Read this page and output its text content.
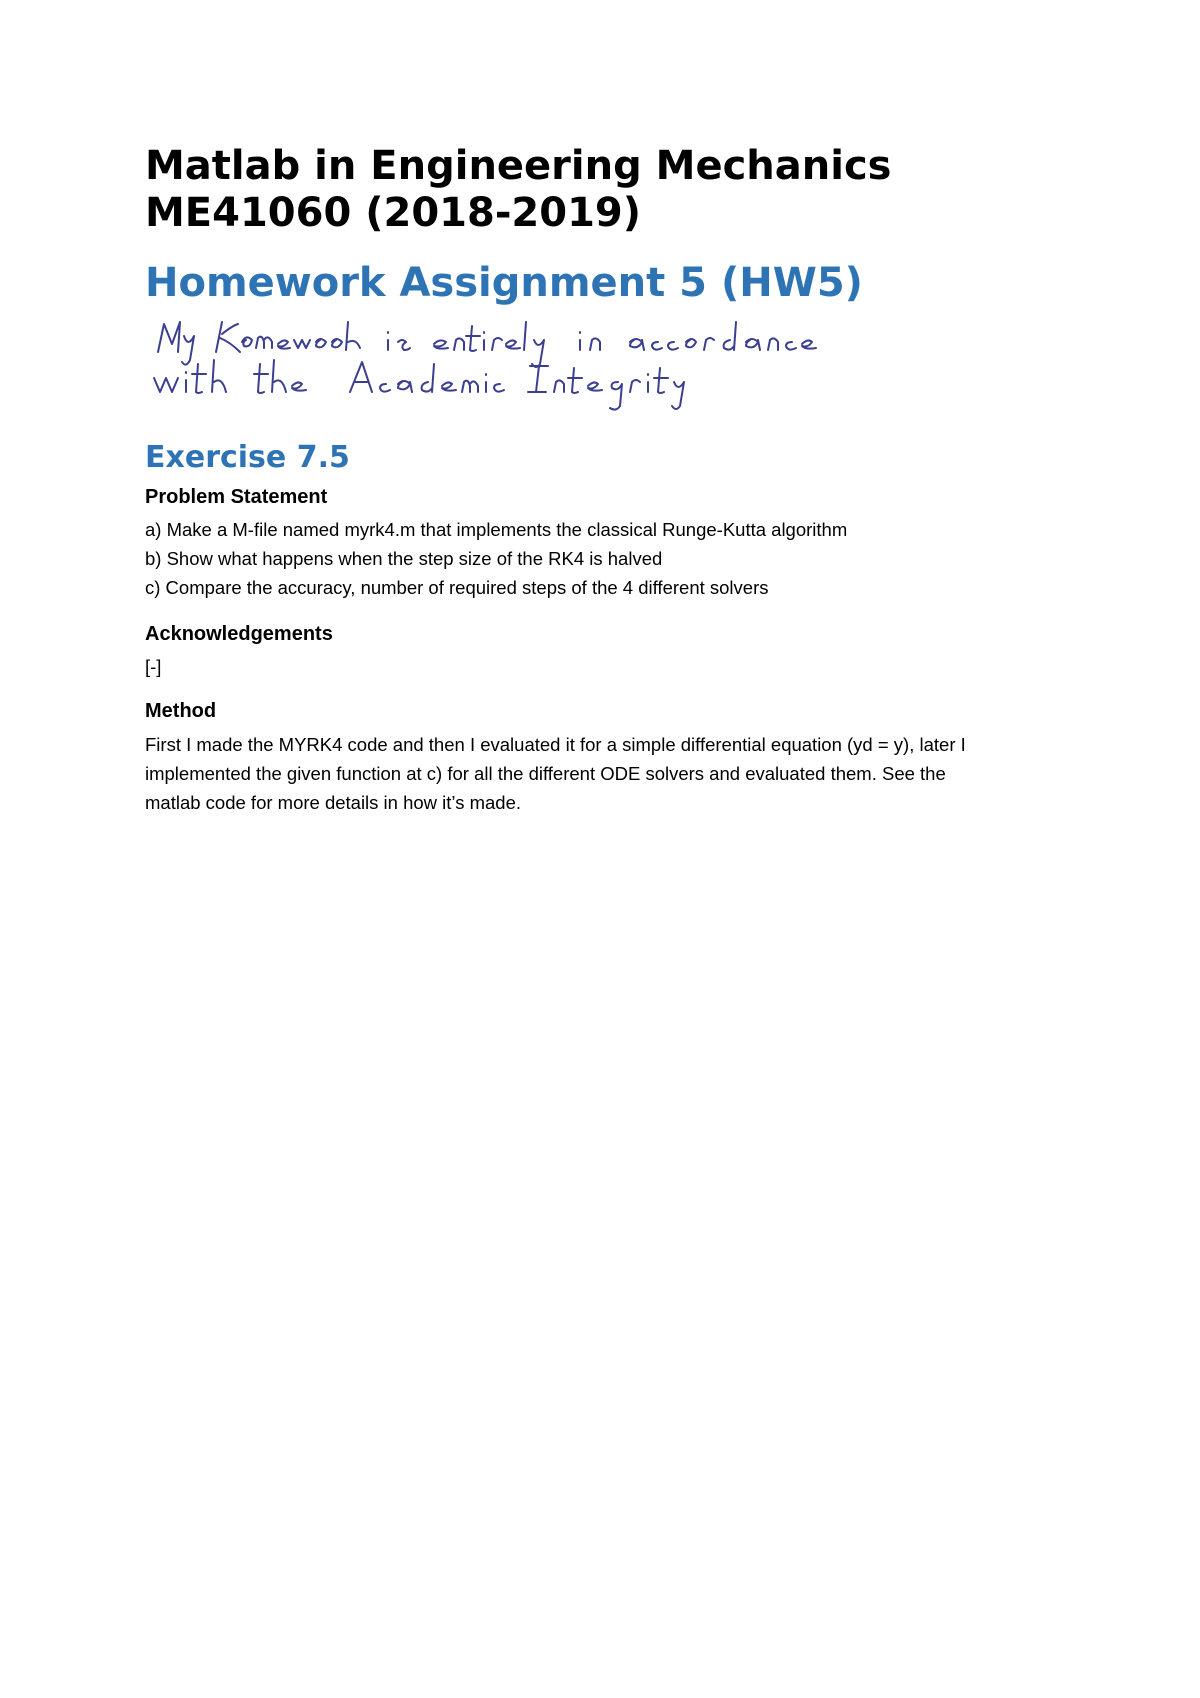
Matlab in Engineering Mechanics
ME41060 (2018-2019)
Homework Assignment 5 (HW5)
Exercise 7.5
Problem Statement
a) Make a M-file named myrk4.m that implements the classical Runge-Kutta algorithm
b) Show what happens when the step size of the RK4 is halved
c) Compare the accuracy, number of required steps of the 4 different solvers
Acknowledgements
[-]
Method
First I made the MYRK4 code and then I evaluated it for a simple differential equation (yd = y), later I
implemented the given function at c) for all the different ODE solvers and evaluated them. See the
matlab code for more details in how it’s made.
